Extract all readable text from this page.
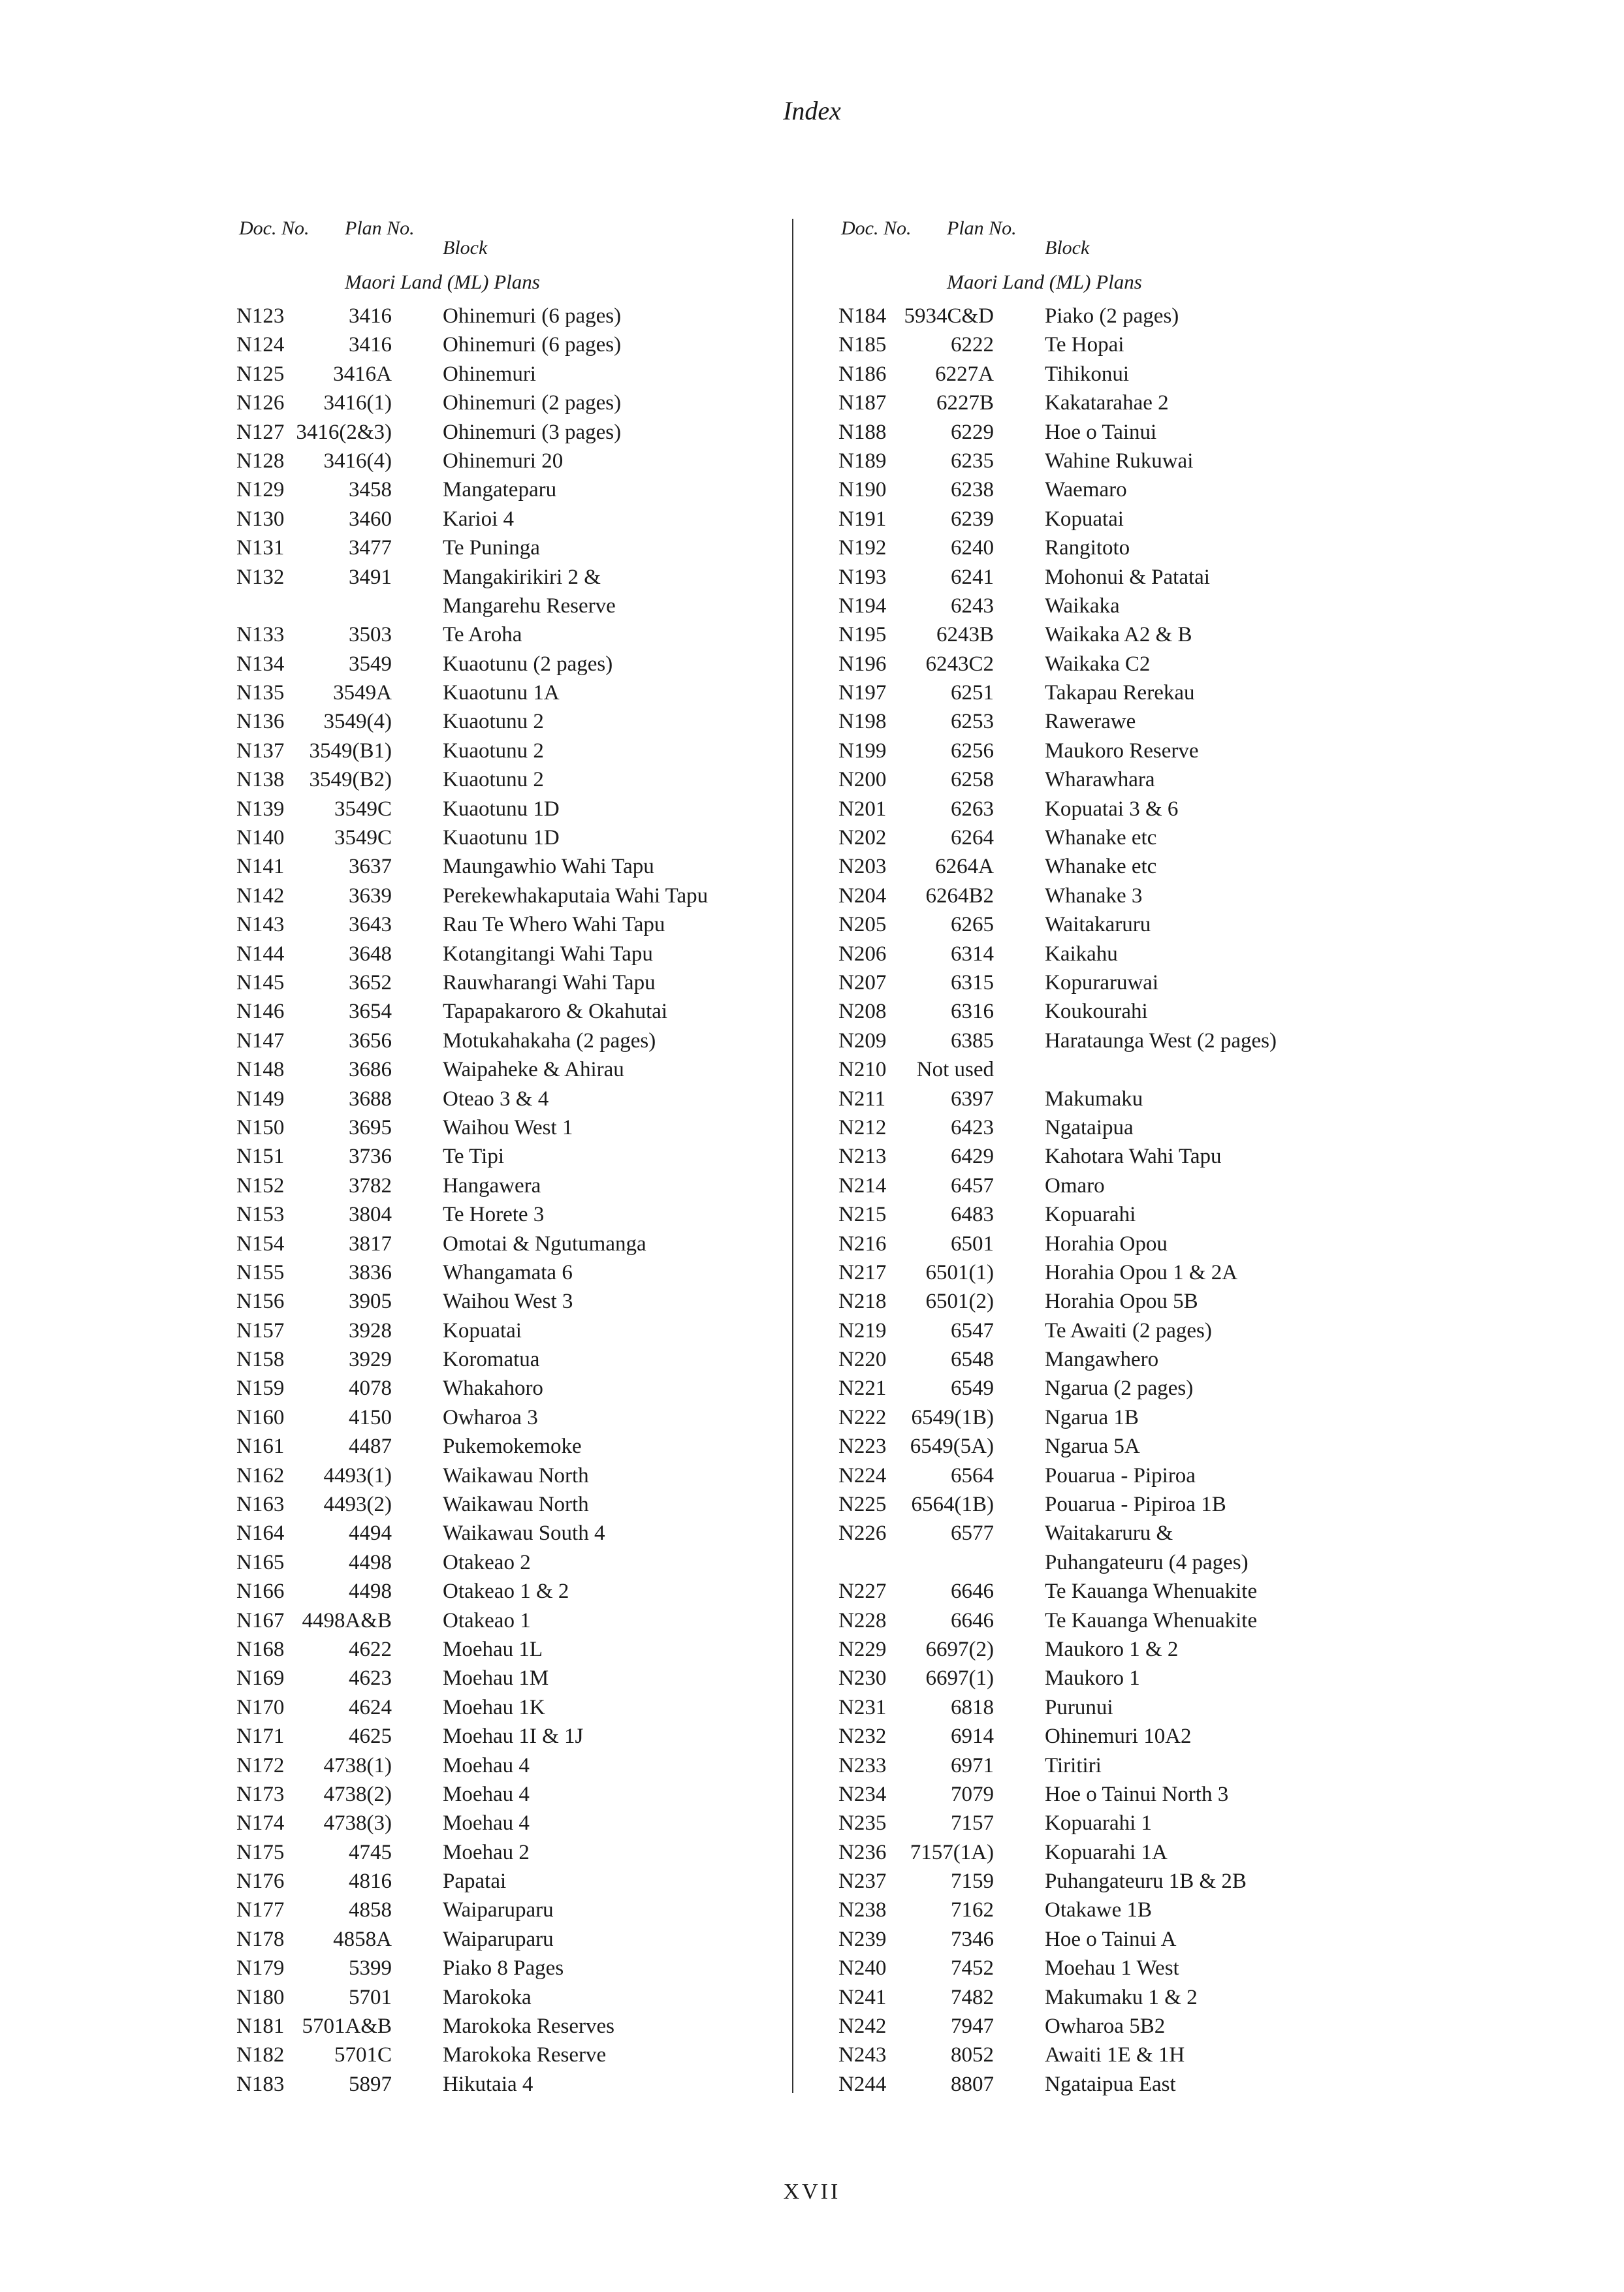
Index
Doc. No. Plan No.
Block
Maori Land (ML) Plans
N123	3416 Ohinemuri (6 pages)
N124	3416 Ohinemuri (6 pages)
N125	3416A Ohinemuri
N126	3416(1) Ohinemuri (2 pages)
N127 3416(2&3) Ohinemuri (3 pages)
N128	3416(4) Ohinemuri 20
N129	3458 Mangateparu
N130	3460 Karioi 4
N131	3477 Te Puninga
N132	3491 Mangakirikiri 2 &
Mangarehu Reserve
N133	3503 Te Aroha
N134	3549 Kuaotunu (2 pages)
N135	3549A Kuaotunu 1A
N136	3549(4) Kuaotunu 2
N137	3549(B1) Kuaotunu 2
N138	3549(B2) Kuaotunu 2
N139	3549C Kuaotunu 1D
N140	3549C Kuaotunu 1D
N141	3637 Maungawhio Wahi Tapu
N142	3639 Perekewhakaputaia Wahi Tapu
N143	3643 Rau Te Whero Wahi Tapu
N144	3648 Kotangitangi Wahi Tapu
N145	3652 Rauwharangi Wahi Tapu
N146	3654 Tapapakaroro & Okahutai
N147	3656 Motukahakaha (2 pages)
N148	3686 Waipaheke & Ahirau
N149	3688 Oteao 3 & 4
N150	3695 Waihou West 1
N151	3736 Te Tipi
N152	3782 Hangawera
N153	3804 Te Horete 3
N154	3817 Omotai & Ngutumanga
N155	3836 Whangamata 6
N156	3905 Waihou West 3
N157	3928 Kopuatai
N158	3929 Koromatua
N159	4078 Whakahoro
N160	4150 Owharoa 3
N161	4487 Pukemokemoke
N162	4493(1) Waikawau North
N163	4493(2) Waikawau North
N164	4494 Waikawau South 4
N165	4498 Otakeao 2
N166	4498 Otakeao 1 & 2
N167 4498A&B Otakeao 1
N168	4622 Moehau 1L
N169	4623 Moehau 1M
N170	4624 Moehau 1K
N171	4625 Moehau 1I & 1J
N172	4738(1) Moehau 4
N173	4738(2) Moehau 4
N174	4738(3) Moehau 4
N175	4745 Moehau 2
N176	4816 Papatai
N177	4858 Waiparuparu
N178	4858A Waiparuparu
N179	5399 Piako 8 Pages
N180	5701 Marokoka
N181 5701A&B Marokoka Reserves
N182	5701C Marokoka Reserve
N183	5897 Hikutaia 4
Doc. No. Plan No.
Block
Maori Land (ML) Plans
N184 5934C&D Piako (2 pages)
N185	6222 Te Hopai
N186	6227A Tihikonui
N187	6227B Kakatarahae 2
N188	6229 Hoe o Tainui
N189	6235 Wahine Rukuwai
N190	6238 Waemaro
N191	6239 Kopuatai
N192	6240 Rangitoto
N193	6241 Mohonui & Patatai
N194	6243 Waikaka
N195	6243B Waikaka A2 & B
N196	6243C2 Waikaka C2
N197	6251 Takapau Rerekau
N198	6253 Rawerawe
N199	6256 Maukoro Reserve
N200	6258 Wharawhara
N201	6263 Kopuatai 3 & 6
N202	6264 Whanake etc
N203	6264A Whanake etc
N204	6264B2 Whanake 3
N205	6265 Waitakaruru
N206	6314 Kaikahu
N207	6315 Kopuraruwai
N208	6316 Koukourahi
N209	6385 Harataunga West (2 pages)
N210	Not used
N211	6397 Makumaku
N212	6423 Ngataipua
N213	6429 Kahotara Wahi Tapu
N214	6457 Omaro
N215	6483 Kopuarahi
N216	6501 Horahia Opou
N217	6501(1) Horahia Opou 1 & 2A
N218	6501(2) Horahia Opou 5B
N219	6547 Te Awaiti (2 pages)
N220	6548 Mangawhero
N221	6549 Ngarua (2 pages)
N222	6549(1B) Ngarua 1B
N223	6549(5A) Ngarua 5A
N224	6564 Pouarua - Pipiroa
N225	6564(1B) Pouarua - Pipiroa 1B
N226	6577 Waitakaruru &
Puhangateuru (4 pages)
N227	6646 Te Kauanga Whenuakite
N228	6646 Te Kauanga Whenuakite
N229	6697(2) Maukoro 1 & 2
N230	6697(1) Maukoro 1
N231	6818 Purunui
N232	6914 Ohinemuri 10A2
N233	6971 Tiritiri
N234	7079 Hoe o Tainui North 3
N235	7157 Kopuarahi 1
N236	7157(1A) Kopuarahi 1A
N237	7159 Puhangateuru 1B & 2B
N238	7162 Otakawe 1B
N239	7346 Hoe o Tainui A
N240	7452 Moehau 1 West
N241	7482 Makumaku 1 & 2
N242	7947 Owharoa 5B2
N243	8052 Awaiti 1E & 1H
N244	8807 Ngataipua East
XVII
